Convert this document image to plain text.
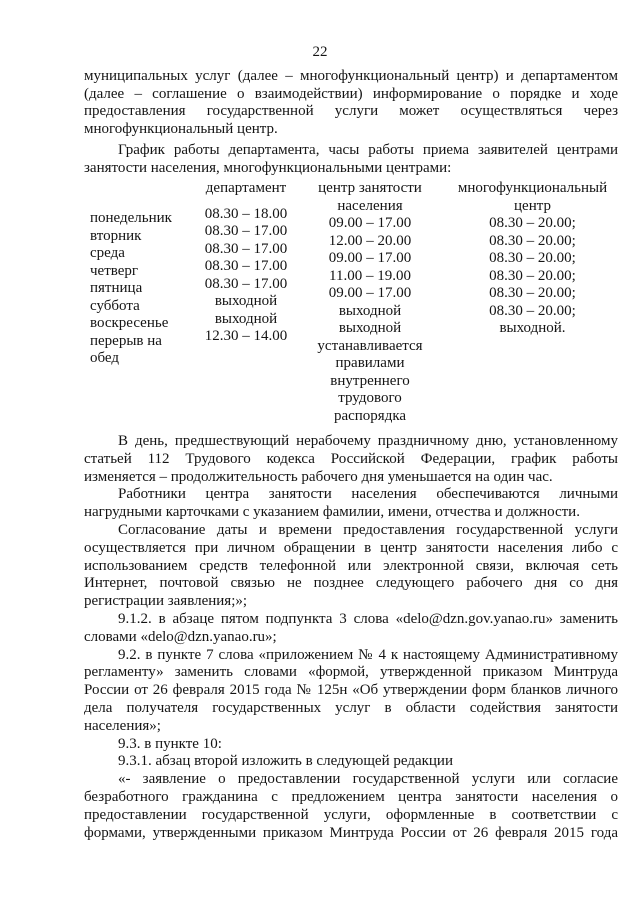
22
муниципальных услуг (далее – многофункциональный центр) и департаментом
(далее – соглашение о взаимодействии) информирование о порядке и ходе
предоставления государственной услуги может осуществляться через
многофункциональный центр.
График работы департамента, часы работы приема заявителей центрами
занятости населения, многофункциональными центрами:
понедельник
вторник
среда
четверг
пятница
суббота
воскресенье
перерыв на
обед
департамент
08.30 – 18.00
08.30 – 17.00
08.30 – 17.00
08.30 – 17.00
08.30 – 17.00
выходной
выходной
12.30 – 14.00
центр занятости
населения
09.00 – 17.00
12.00 – 20.00
09.00 – 17.00
11.00 – 19.00
09.00 – 17.00
выходной
выходной
устанавливается
правилами
внутреннего
трудового
распорядка
многофункциональный
центр
08.30 – 20.00;
08.30 – 20.00;
08.30 – 20.00;
08.30 – 20.00;
08.30 – 20.00;
08.30 – 20.00;
выходной.
В день, предшествующий нерабочему праздничному дню, установленному
статьей 112 Трудового кодекса Российской Федерации, график работы
изменяется – продолжительность рабочего дня уменьшается на один час.
Работники центра занятости населения обеспечиваются личными
нагрудными карточками с указанием фамилии, имени, отчества и должности.
Согласование даты и времени предоставления государственной услуги
осуществляется при личном обращении в центр занятости населения либо с
использованием средств телефонной или электронной связи, включая сеть
Интернет, почтовой связью не позднее следующего рабочего дня со дня
регистрации заявления;»;
9.1.2. в абзаце пятом подпункта 3 слова «delo@dzn.gov.yanao.ru» заменить
словами «delo@dzn.yanao.ru»;
9.2. в пункте 7 слова «приложением № 4 к настоящему Административному
регламенту» заменить словами «формой, утвержденной приказом Минтруда
России от 26 февраля 2015 года № 125н «Об утверждении форм бланков личного
дела получателя государственных услуг в области содействия занятости
населения»;
9.3. в пункте 10:
9.3.1. абзац второй изложить в следующей редакции
«- заявление о предоставлении государственной услуги или согласие
безработного гражданина с предложением центра занятости населения о
предоставлении государственной услуги, оформленные в соответствии с
формами, утвержденными приказом Минтруда России от 26 февраля 2015 года
